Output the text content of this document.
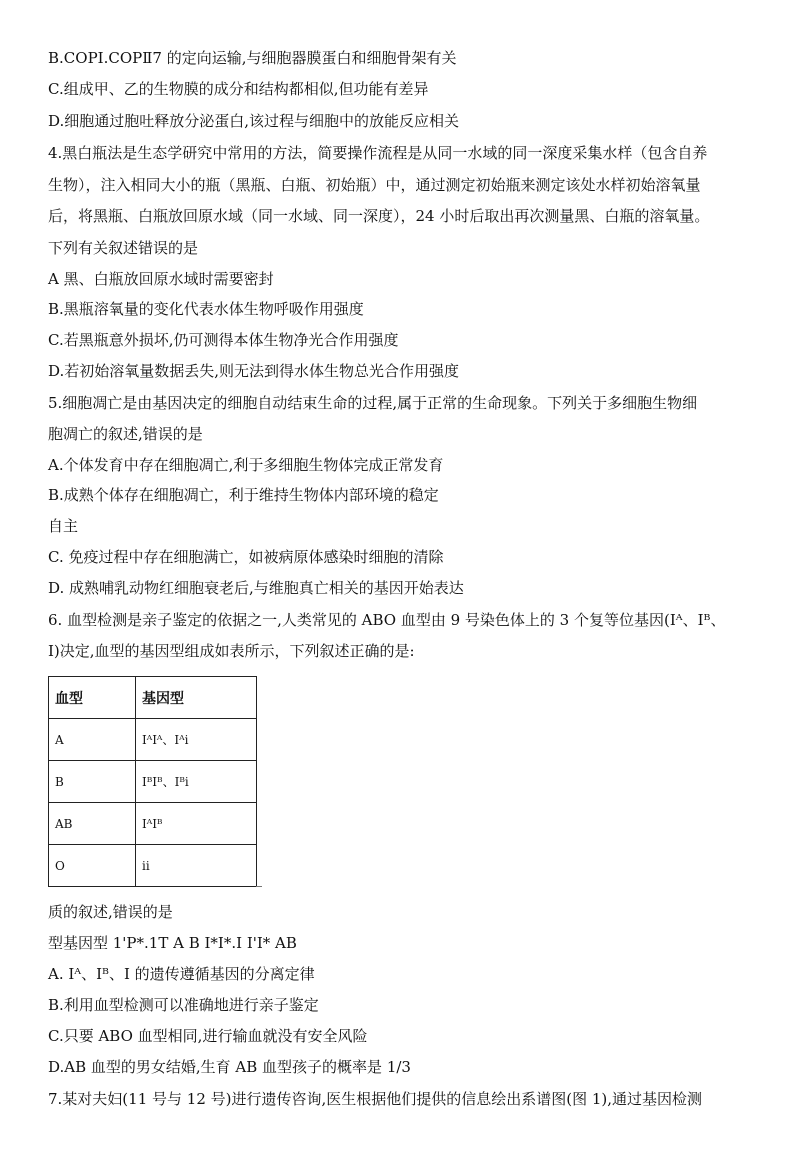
B.COPI.COPⅡ7 的定向运输,与细胞器膜蛋白和细胞骨架有关
C.组成甲、乙的生物膜的成分和结构都相似,但功能有差异
D.细胞通过胞吐释放分泌蛋白,该过程与细胞中的放能反应相关
4.黑白瓶法是生态学研究中常用的方法，简要操作流程是从同一水域的同一深度采集水样（包含自养
生物），注入相同大小的瓶（黑瓶、白瓶、初始瓶）中，通过测定初始瓶来测定该处水样初始溶氧量
后，将黑瓶、白瓶放回原水域（同一水域、同一深度），24 小时后取出再次测量黑、白瓶的溶氧量。
下列有关叙述错误的是
A 黑、白瓶放回原水域时需要密封
B.黑瓶溶氧量的变化代表水体生物呼吸作用强度
C.若黑瓶意外损坏,仍可测得本体生物净光合作用强度
D.若初始溶氧量数据丢失,则无法到得水体生物总光合作用强度
5.细胞凋亡是由基因决定的细胞自动结束生命的过程,属于正常的生命现象。下列关于多细胞生物细
胞凋亡的叙述,错误的是
A.个体发育中存在细胞凋亡,利于多细胞生物体完成正常发育
B.成熟个体存在细胞凋亡，利于维持生物体内部环境的稳定
自主
C. 免疫过程中存在细胞满亡，如被病原体感染时细胞的清除
D. 成熟哺乳动物红细胞衰老后,与维胞真亡相关的基因开始表达
6. 血型检测是亲子鉴定的依据之一,人类常见的 ABO 血型由 9 号染色体上的 3 个复等位基因(Iᴬ、Iᴮ、
I)决定,血型的基因型组成如表所示，下列叙述正确的是:
血型	基因型
A	IᴬIᴬ、Iᴬi
B	IᴮIᴮ、Iᴮi
AB	IᴬIᴮ
O	ii
质的叙述,错误的是
型基因型 1'P*.1T A B I*I*.I I'I* AB
A. Iᴬ、Iᴮ、I 的遗传遵循基因的分离定律
B.利用血型检测可以准确地进行亲子鉴定
C.只要 ABO 血型相同,进行输血就没有安全风险
D.AB 血型的男女结婚,生育 AB 血型孩子的概率是 1/3
7.某对夫妇(11 号与 12 号)进行遗传咨询,医生根据他们提供的信息绘出系谱图(图 1),通过基因检测
